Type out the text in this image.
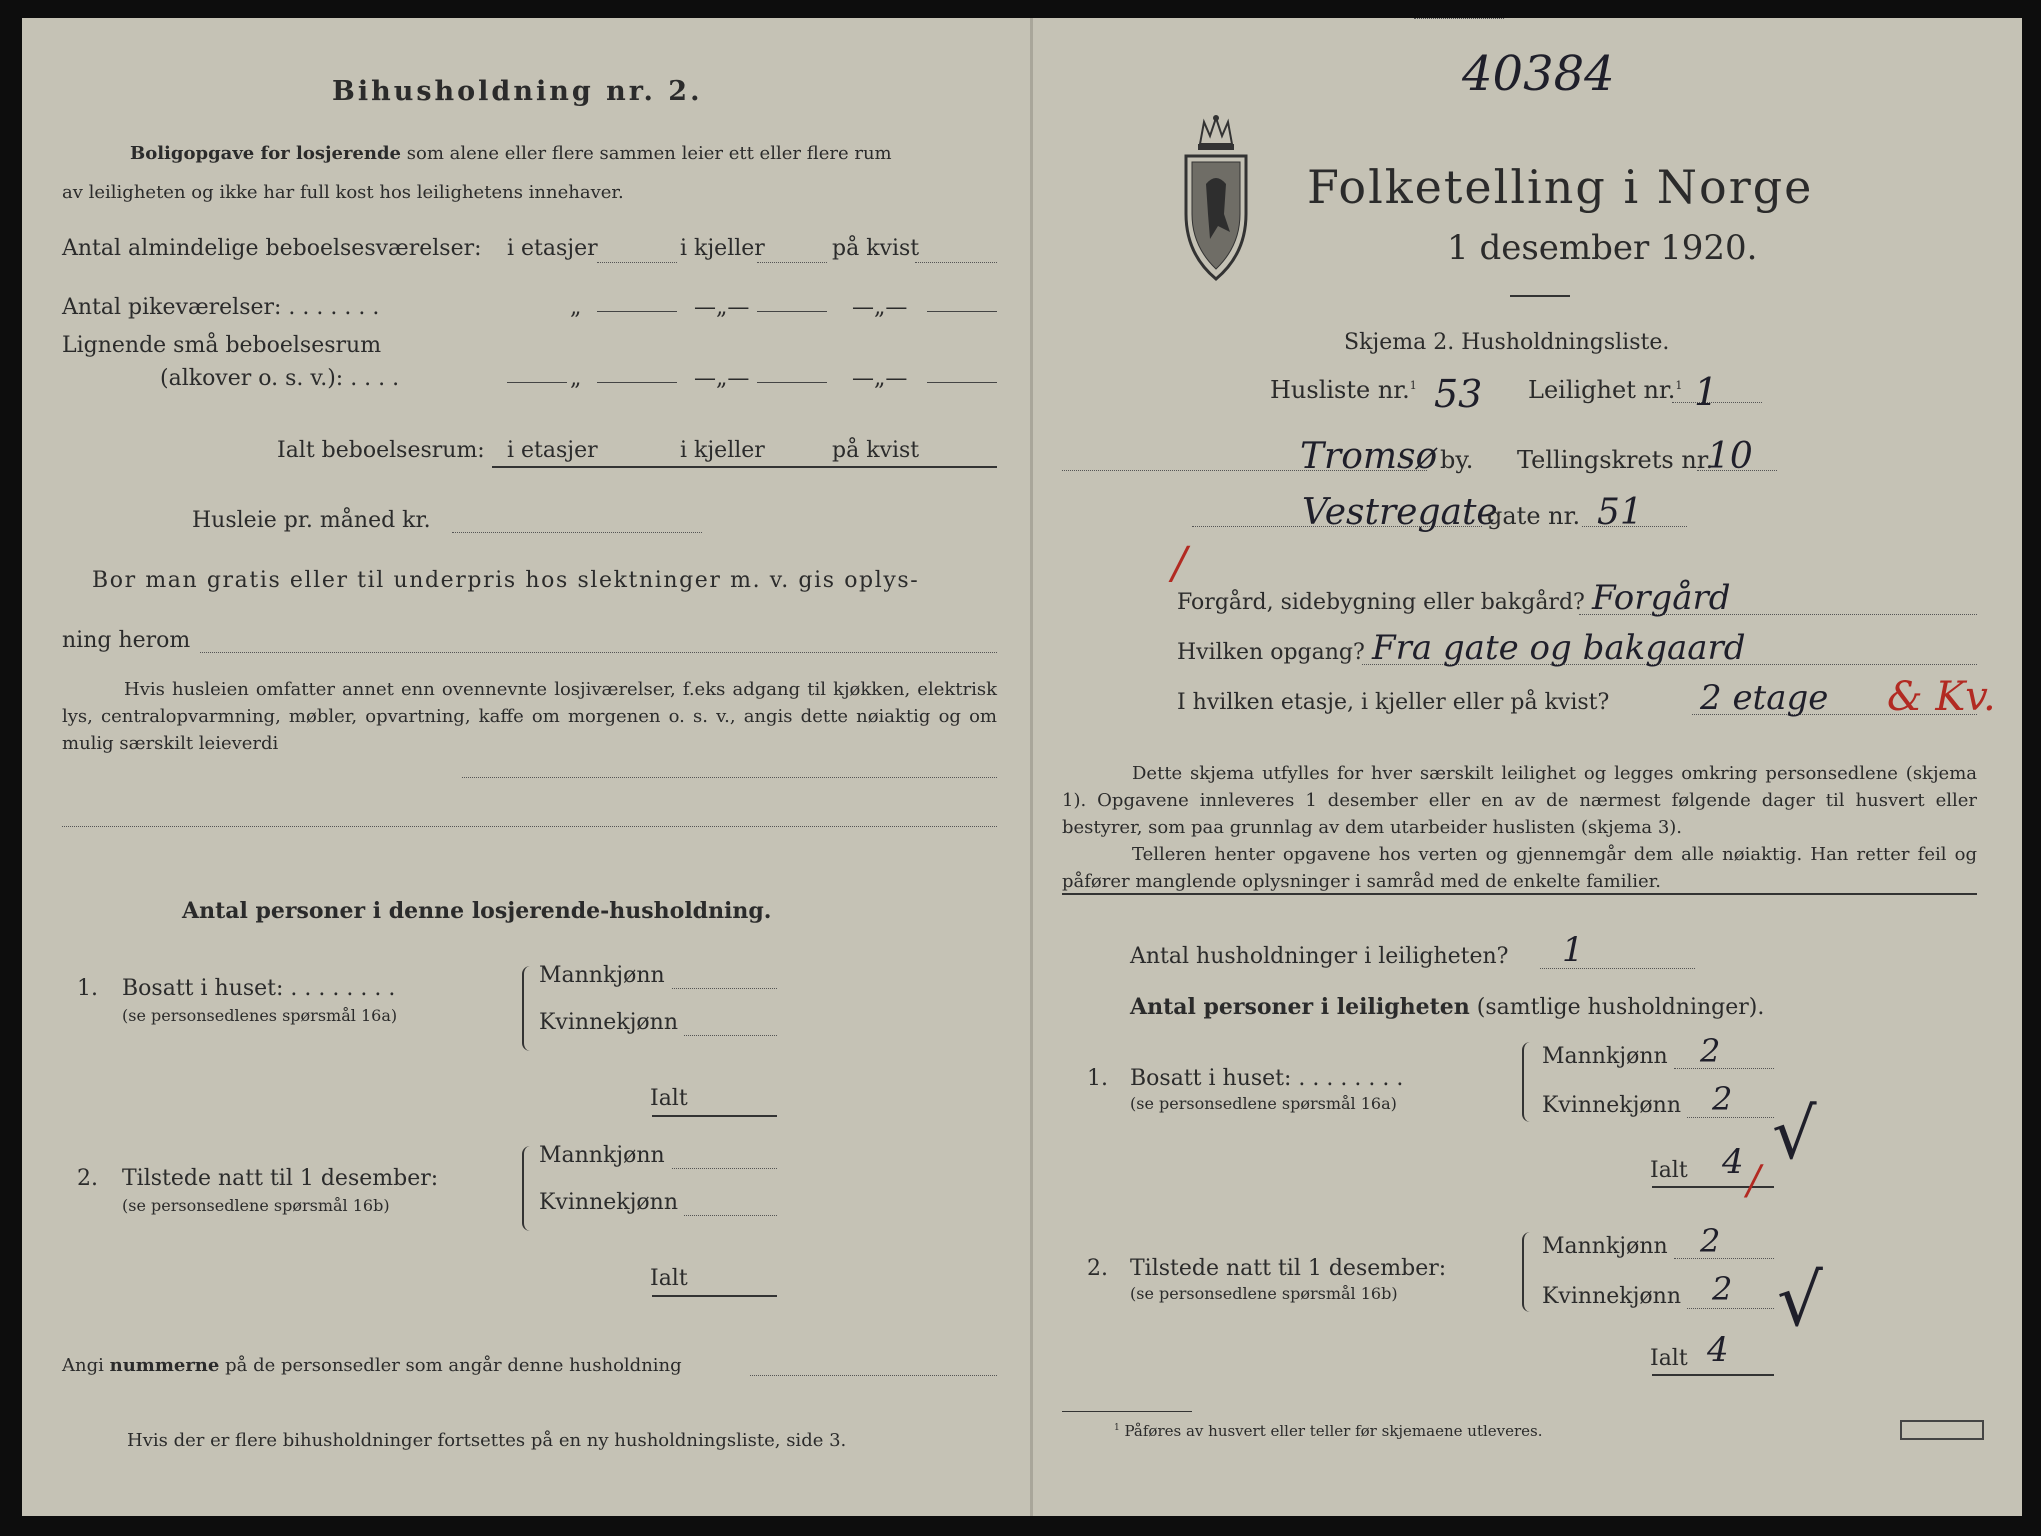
Bihusholdning nr. 2.
Boligopgave for losjerende som alene eller flere sammen leier ett eller flere rum
av leiligheten og ikke har full kost hos leilighetens innehaver.
Antal almindelige beboelsesværelser: i etasjer	i kjeller	på kvist
Antal pikeværelser: . . . . . . .	„	—„—	—„—
Lignende små beboelsesrum
(alkover o. s. v.): . . . .	„	—„—	—„—
Ialt beboelsesrum: i etasjer	i kjeller	på kvist
Husleie pr. måned kr.
Bor man gratis eller til underpris hos slektninger m. v. gis oplys-
ning herom
Hvis husleien omfatter annet enn ovennevnte losjiværelser, f.eks adgang til kjøkken, elektrisk lys, centralopvarmning, møbler, opvartning, kaffe om morgenen o. s. v., angis dette nøiaktig og om mulig særskilt leieverdi
Antal personer i denne losjerende-husholdning.
1. Bosatt i huset: . . . . . . . .
(se personsedlenes spørsmål 16a)
Mannkjønn
Kvinnekjønn
Ialt
2. Tilstede natt til 1 desember:
(se personsedlene spørsmål 16b)
Mannkjønn
Kvinnekjønn
Ialt
Angi nummerne på de personsedler som angår denne husholdning
Hvis der er flere bihusholdninger fortsettes på en ny husholdningsliste, side 3.
40384
Folketelling i Norge
1 desember 1920.
Skjema 2. Husholdningsliste.
Husliste nr.$^1$ 53 Leilighet nr.$^1$ 1
Tromsø by. Tellingskrets nr.
10
Vestregate
gate nr. 51
/
Forgård, sidebygning eller bakgård? Forgård
Hvilken opgang? Fra gate og bakgaard
I hvilken etasje, i kjeller eller på kvist?	2 etage & Kv.
Dette skjema utfylles for hver særskilt leilighet og legges omkring personsedlene (skjema 1). Opgavene innleveres 1 desember eller en av de nærmest følgende dager til husvert eller bestyrer, som paa grunnlag av dem utarbeider huslisten (skjema 3).
Telleren henter opgavene hos verten og gjennemgår dem alle nøiaktig. Han retter feil og påfører manglende oplysninger i samråd med de enkelte familier.
Antal husholdninger i leiligheten? 1
Antal personer i leiligheten (samtlige husholdninger).
1. Bosatt i huset: . . . . . . . .
(se personsedlene spørsmål 16a)
Mannkjønn 2
Kvinnekjønn 2
Ialt 4 √
/
2. Tilstede natt til 1 desember:
(se personsedlene spørsmål 16b)
Mannkjønn 2
Kvinnekjønn 2
Ialt 4
√
$^1$ Påføres av husvert eller teller før skjemaene utleveres.
